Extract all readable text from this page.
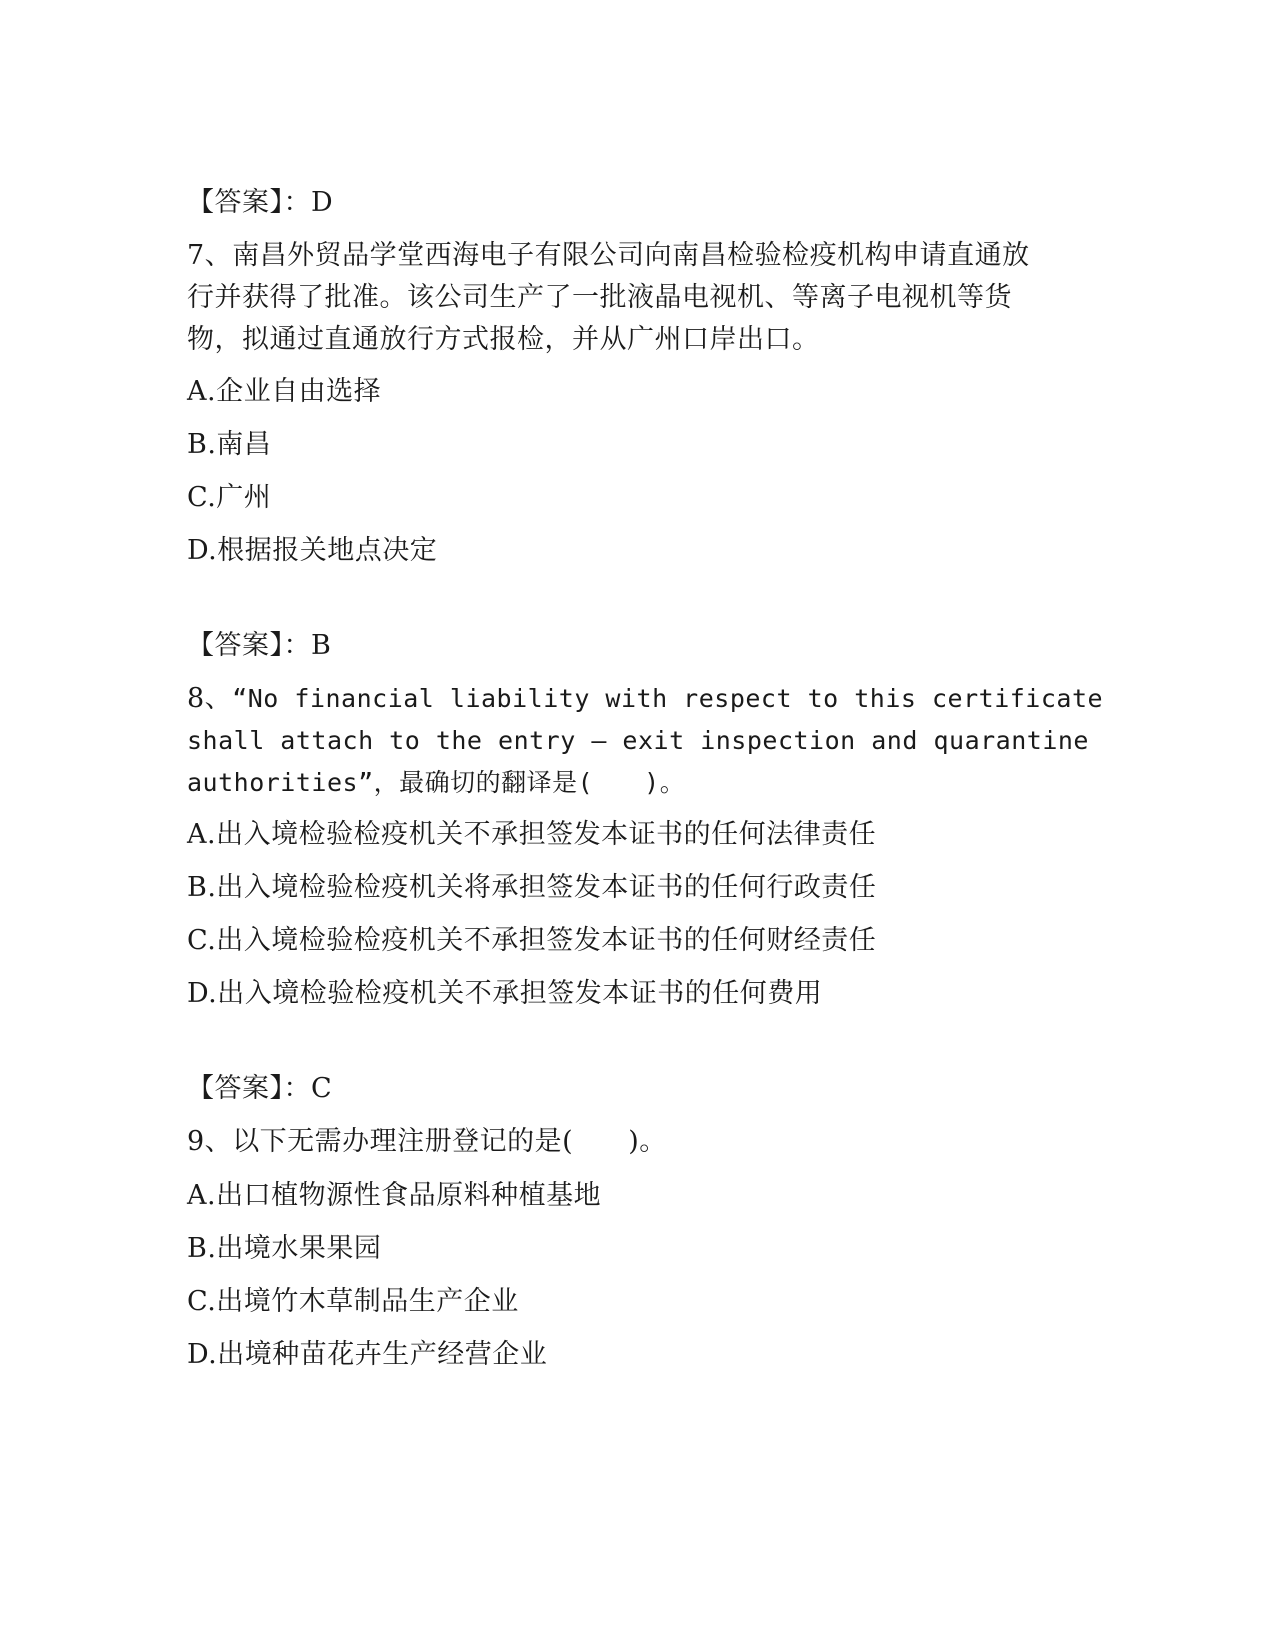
【答案】：D
7、南昌外贸品学堂西海电子有限公司向南昌检验检疫机构申请直通放
行并获得了批准。该公司生产了一批液晶电视机、等离子电视机等货
物，拟通过直通放行方式报检，并从广州口岸出口。
A.企业自由选择
B.南昌
C.广州
D.根据报关地点决定
【答案】：B
8、“No financial liability with respect to this certificate
shall attach to the entry – exit inspection and quarantine
authorities”，最确切的翻译是(　　)。
A.出入境检验检疫机关不承担签发本证书的任何法律责任
B.出入境检验检疫机关将承担签发本证书的任何行政责任
C.出入境检验检疫机关不承担签发本证书的任何财经责任
D.出入境检验检疫机关不承担签发本证书的任何费用
【答案】：C
9、以下无需办理注册登记的是(　　)。
A.出口植物源性食品原料种植基地
B.出境水果果园
C.出境竹木草制品生产企业
D.出境种苗花卉生产经营企业
